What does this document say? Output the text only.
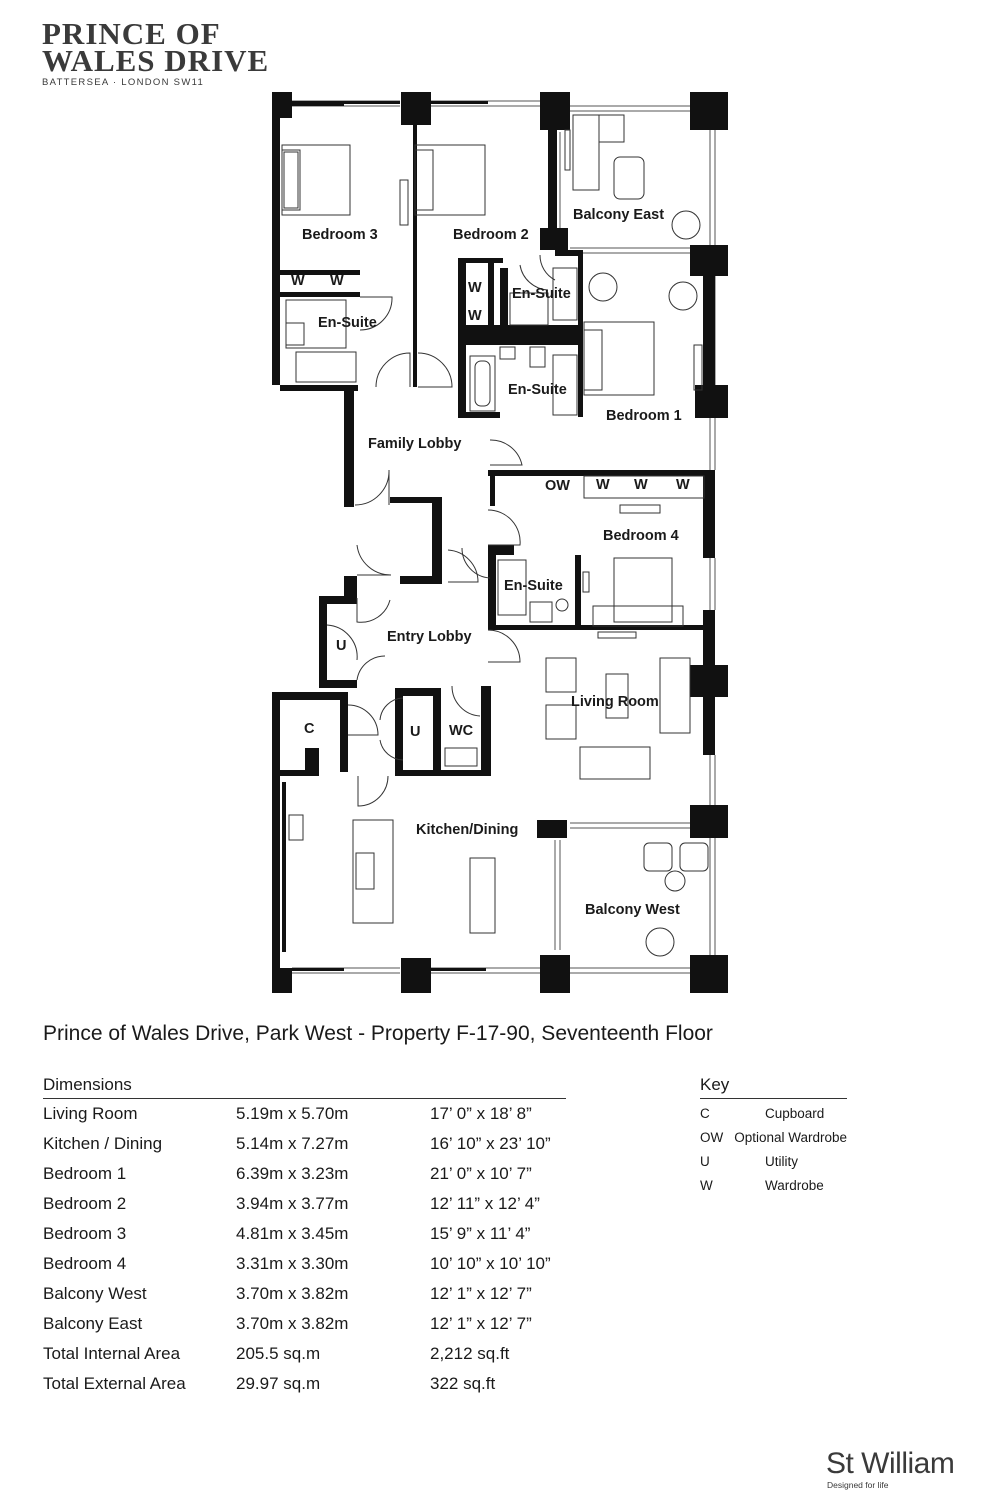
PRINCE OF
WALES DRIVE
BATTERSEA · LONDON SW11
Bedroom 3	Bedroom 2
Balcony East
En-Suite
En-Suite
En-Suite
Bedroom 1
Family Lobby
Bedroom 4
En-Suite
Entry Lobby
Living Room
Kitchen/Dining
Balcony West
WC
W W	W
W
OW W W W
U
U
C
Prince of Wales Drive, Park West - Property F-17-90, Seventeenth Floor
Dimensions
Living Room	5.19m x 5.70m	17’ 0” x 18’ 8”
Kitchen / Dining	5.14m x 7.27m	16’ 10” x 23’ 10”
Bedroom 1	6.39m x 3.23m	21’ 0” x 10’ 7”
Bedroom 2	3.94m x 3.77m	12’ 11” x 12’ 4”
Bedroom 3	4.81m x 3.45m	15’ 9” x 11’ 4”
Bedroom 4	3.31m x 3.30m	10’ 10” x 10’ 10”
Balcony West	3.70m x 3.82m	12’ 1” x 12’ 7”
Balcony East	3.70m x 3.82m	12’ 1” x 12’ 7”
Total Internal Area	205.5 sq.m	2,212 sq.ft
Total External Area	29.97 sq.m	322 sq.ft
Key
C	Cupboard
OW Optional Wardrobe
U	Utility
W	Wardrobe
St William
Designed for life
